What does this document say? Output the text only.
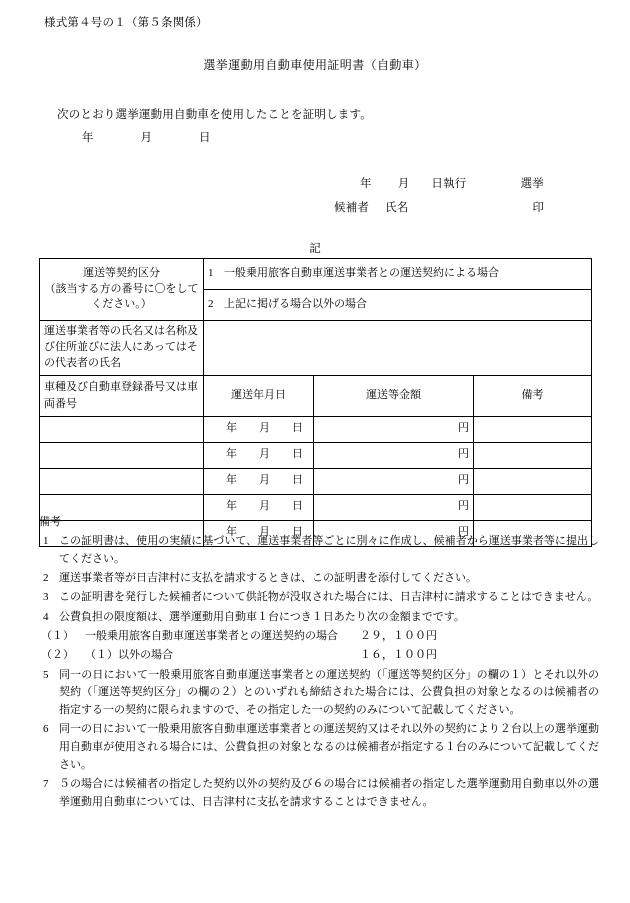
様式第４号の１（第５条関係）
選挙運動用自動車使用証明書（自動車）
次のとおり選挙運動用自動車を使用したことを証明します。
年　　　　月　　　　日
年 月 日執行	選挙
候補者 氏名	印
記
運送等契約区分
（該当する方の番号に〇をしてください。）	1 一般乗用旅客自動車運送事業者との運送契約による場合		
	2 上記に掲げる場合以外の場合		
運送事業者等の氏名又は名称及び住所並びに法人にあってはその代表者の氏名			
車種及び自動車登録番号又は車両番号	運送年月日	運送等金額	備考
	年 月 日	円	
	年 月 日	円	
	年 月 日	円	
	年 月 日	円	
	年 月 日	円	
備考
1 この証明書は、使用の実績に基づいて、運送事業者等ごとに別々に作成し、候補者から運送事業者等に提出してください。
2 運送事業者等が日吉津村に支払を請求するときは、この証明書を添付してください。
3 この証明書を発行した候補者について供託物が没収された場合には、日吉津村に請求することはできません。
4 公費負担の限度額は、選挙運動用自動車１台につき１日あたり次の金額までです。
（１）	一般乗用旅客自動車運送事業者との運送契約の場合　　２９，１００円
（２）	（１）以外の場合　　　　　　　　　　　　　　　　　１６，１００円
5 同一の日において一般乗用旅客自動車運送事業者との運送契約（「運送等契約区分」の欄の１）とそれ以外の契約（「運送等契約区分」の欄の２）とのいずれも締結された場合には、公費負担の対象となるのは候補者の指定する一の契約に限られますので、その指定した一の契約のみについて記載してください。
6 同一の日において一般乗用旅客自動車運送事業者との運送契約又はそれ以外の契約により２台以上の選挙運動用自動車が使用される場合には、公費負担の対象となるのは候補者が指定する１台のみについて記載してください。
7 ５の場合には候補者の指定した契約以外の契約及び６の場合には候補者の指定した選挙運動用自動車以外の選挙運動用自動車については、日吉津村に支払を請求することはできません。
